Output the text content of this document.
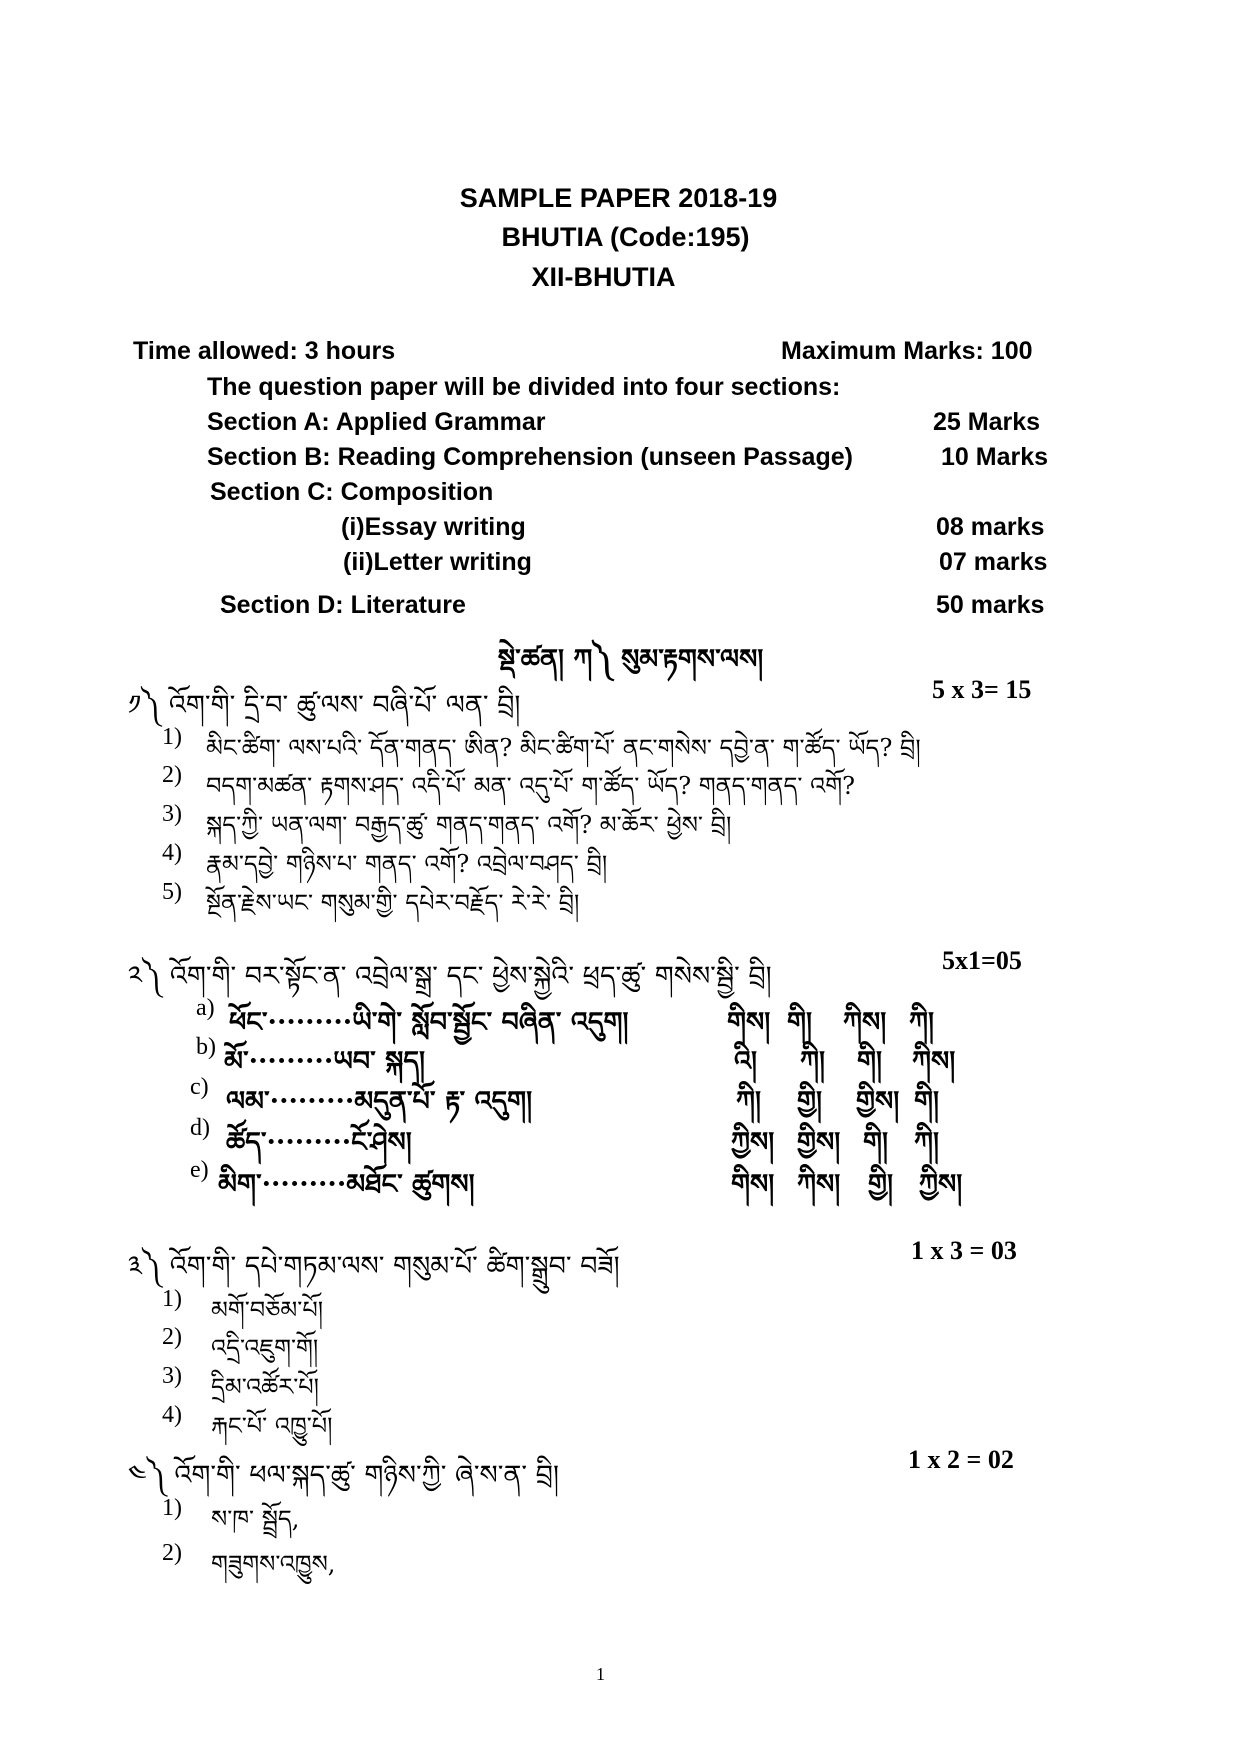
SAMPLE PAPER 2018-19
BHUTIA (Code:195)
XII-BHUTIA
Time allowed: 3 hours	Maximum Marks: 100
The question paper will be divided into four sections:
Section A: Applied Grammar	25 Marks
Section B: Reading Comprehension (unseen Passage)	10 Marks
Section C: Composition
(i)Essay writing	08 marks
(ii)Letter writing	07 marks
Section D: Literature	50 marks
སྡེ་ཚན། ཀ༽ སུམ་རྟགས་ལས།
༡༽ འོག་གི་ དྲི་བ་ ཚུ་ལས་ བཞི་པོ་ ལན་ བྲི།
5 x 3= 15
1) མིང་ཚིག་ ལས་པའི་ དོན་གནད་ ཨིན? མིང་ཚིག་པོ་ ནང་གསེས་ དབྱེ་ན་ ག་ཚོད་ ཡོད? བྲི།
2) བདག་མཚན་ རྟགས་ཤད་ འདི་པོ་ མན་ འདུ་པོ་ ག་ཚོད་ ཡོད? གནད་གནད་ འགོ?
3) སྐད་ཀྱི་ ཡན་ལག་ བརྒྱད་ཚུ་ གནད་གནད་ འགོ? མ་ཆོར་ ཕྱེས་ བྲི།
4) རྣམ་དབྱེ་ གཉིས་པ་ གནད་ འགོ? འབྲེལ་བཤད་ བྲི།
5) སྔོན་རྗེས་ཡང་ གསུམ་གྱི་ དཔེར་བརྗོད་ རེ་རེ་ བྲི།
༢༽ འོག་གི་ བར་སྟོང་ན་ འབྲེལ་སྒྲ་ དང་ ཕྱེས་སྐྱེའི་ ཕྲད་ཚུ་ གསེས་སྦྱི་ བྲི།
5x1=05
a) ཕོང་·········ཡི་གེ་ སློབ་སྦྱོང་ བཞིན་ འདུག།	གིས། གི། ཀིས། ཀི།
b) མོ་·········ཡབ་ སྐད།	འི། ཀི། གི། ཀིས།
c) ལམ་·········མདུན་པོ་ རྟ་ འདུག།	ཀི། གྱི། གྱིས། གི།
d) ཚོད་·········ངོ་ཤེས།	ཀྱིས། གྱིས། གི། ཀི།
e) མིག་·········མཐོང་ ཚུགས།	གིས། ཀིས། གྱི། ཀྱིས།
༣༽ འོག་གི་ དཔེ་གཏམ་ལས་ གསུམ་པོ་ ཚིག་སྒྲུབ་ བཟོ།
1 x 3 = 03
1) མགོ་བཅོམ་པོ།
2) འདྲི་འཇུག་གོ།
3) དྲིམ་འཚོར་པོ།
4) རྐང་པོ་ འཁྱུ་པོ།
༤༽ འོག་གི་ ཕལ་སྐད་ཚུ་ གཉིས་ཀྱི་ ཞེ་ས་ན་ བྲི།
1 x 2 = 02
1) ས་ཁ་ སྦྲོད,
2) གཟུགས་འཁྱུས,
1
